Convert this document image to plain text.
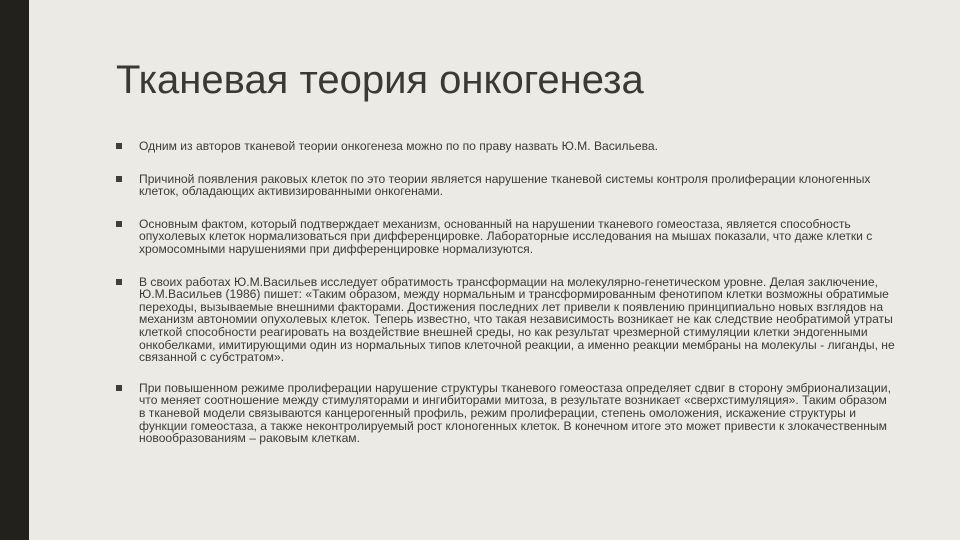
Тканевая теория онкогенеза
Одним из авторов тканевой теории онкогенеза можно по по праву назвать Ю.М. Васильева.
Причиной появления раковых клеток по это теории является нарушение тканевой системы контроля пролиферации клоногенных клеток, обладающих активизированными онкогенами.
Основным фактом, который подтверждает механизм, основанный на нарушении тканевого гомеостаза, является способность опухолевых клеток нормализоваться при дифференцировке. Лабораторные исследования на мышах показали, что даже клетки с хромосомными нарушениями при дифференцировке нормализуются.
В своих работах Ю.М.Васильев исследует обратимость трансформации на молекулярно-генетическом уровне. Делая заключение, Ю.М.Васильев (1986) пишет: «Таким образом, между нормальным и трансформированным фенотипом клетки возможны обратимые переходы, вызываемые внешними факторами. Достижения последних лет привели к появлению принципиально новых взглядов на механизм автономии опухолевых клеток. Теперь известно, что такая независимость возникает не как следствие необратимой утраты клеткой способности реагировать на воздействие внешней среды, но как результат чрезмерной стимуляции клетки эндогенными онкобелками, имитирующими один из нормальных типов клеточной реакции, а именно реакции мембраны на молекулы - лиганды, не связанной с субстратом».
При повышенном режиме пролиферации нарушение структуры тканевого гомеостаза определяет сдвиг в сторону эмбрионализации, что меняет соотношение между стимуляторами и ингибиторами митоза, в результате возникает «сверхстимуляция». Таким образом в тканевой модели связываются канцерогенный профиль, режим пролиферации, степень омоложения, искажение структуры и функции гомеостаза, а также неконтролируемый рост клоногенных клеток. В конечном итоге это может привести к злокачественным новообразованиям – раковым клеткам.
